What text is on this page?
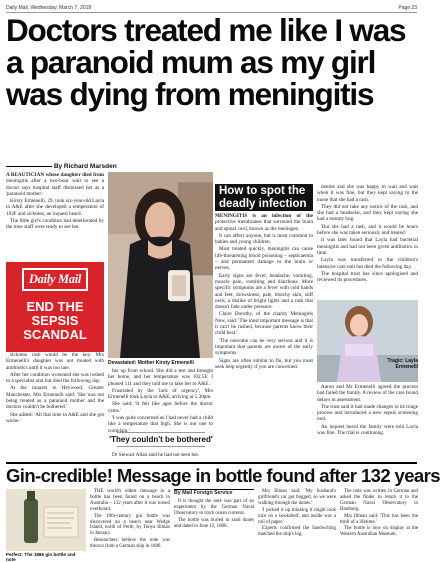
Daily Mail, Wednesday, March 7, 2018	Page 23
Doctors treated me like I was a paranoid mum as my girl was dying from meningitis
By Richard Marsden

A BEAUTICIAN whose daughter died from meningitis after a two-hour wait to see a doctor says hospital staff dismissed her as a 'paranoid mother'.

Kirsty Ermenelli, 29, took six-year-old Layla to A&E after she developed a temperature of 102F and sickness, an inquest heard.

The little girl's condition had deteriorated by the time staff were ready to see her.

Daily Mail
END THE SEPSIS
SCANDAL

sickness rash would be the key. Mrs Ermenelli's daughter was not treated with antibiotics until it was too late.

After her condition worsened she was rushed to a specialist unit but died the following day.

At the inquest in Heywood, Greater Manchester, Mrs Ermenelli said: 'She was not being treated as a paranoid mother and the doctors couldn't be bothered.'

She added: 'All that time in A&E and she got worse.'

Devastated: Mother Kirsty Ermenelli

her up from school. She did a test and brought her home, and her temperature was 102.5F. I phoned 111 and they told me to take her to A&E.

Frustrated by the 'lack of urgency', Mrs Ermenelli took Layla to A&E, arriving at 5.30pm.

She said: 'It felt like ages before the doctor came.'

'I was quite concerned as I had never had a child like a temperature that high. She is not one to complain.'

'They couldn't be bothered'

Dr Stewart Allan said he had not seen her.

How to spot the deadly infection

MENINGITIS is an infection of the protective membranes that surround the brain and spinal cord, known as the meninges.

It can affect anyone, but is most common in babies and young children.

Most treated quickly, meningitis can cause life-threatening blood poisoning – septicaemia – and permanent damage to the brain or nerves.

Early signs are fever, headache, vomiting, muscle pain, vomiting and diarrhoea. More specific symptoms are a fever with cold hands and feet, drowsiness, pale, blotchy skin, stiff neck, a dislike of bright lights and a rash that doesn't fade under pressure.

Claire Dorothy, of the charity Meningitis Now, said: 'The most important message is that it can't be rushed, because parents know their child best.'

'The outcome can be very serious and it is important that parents are aware of the early symptoms.'

Signs are often similar to flu, but you must seek help urgently if you are concerned.

dentist and she was happy to wait and wait when it was fine, but they kept saying to the nurse that she had a rash.

They did not take any notice of the rash, and she had a headache, and they kept saying she had a tummy bug.

'But she had a rash, and it would be hours before she was taken seriously and treated.'

It was later found that Layla had bacterial meningitis and had not been given antibiotics in time.

Layla was transferred to the children's intensive care unit but died the following day.

The hospital trust has since apologised and reviewed its procedures.

Tragic: Layla Ermenelli

Aaron and Mr Ermenelli agreed the process had failed the family. A review of the care found delays in assessment.

The trust said it had made changes to its triage process and introduced a new sepsis screening tool.

An inquest heard the family were told Layla was fine. The trial is continuing.

Gin-credible! Message in bottle found after 132 years
Perfect: The 1886 gin bottle and note

THE world's oldest message in a bottle has been found on a beach in Australia – 132 years after it was tossed overboard.

The 19th-century gin bottle was discovered on a beach near Wedge Island, north of Perth, by Tonya Illman in January.

Researchers believe the note was thrown from a German ship in 1886.

By Mail Foreign Service

It is thought the note was part of an experiment by the German Naval Observatory to track ocean currents.

The bottle was buried in sand dunes and dated to June 12, 1886.

Mrs Illman said: 'My husband's girlfriend's car got bogged, so we were walking through the dunes.'

'I picked it up thinking it might look nice on a bookshelf, and inside was a roll of paper.'

Experts confirmed the handwriting matched the ship's log.

The note was written in German and asked the finder to return it to the German Naval Observatory in Hamburg.

Mrs Illman said: 'This has been the thrill of a lifetime.'

The bottle is now on display at the Western Australian Museum.
